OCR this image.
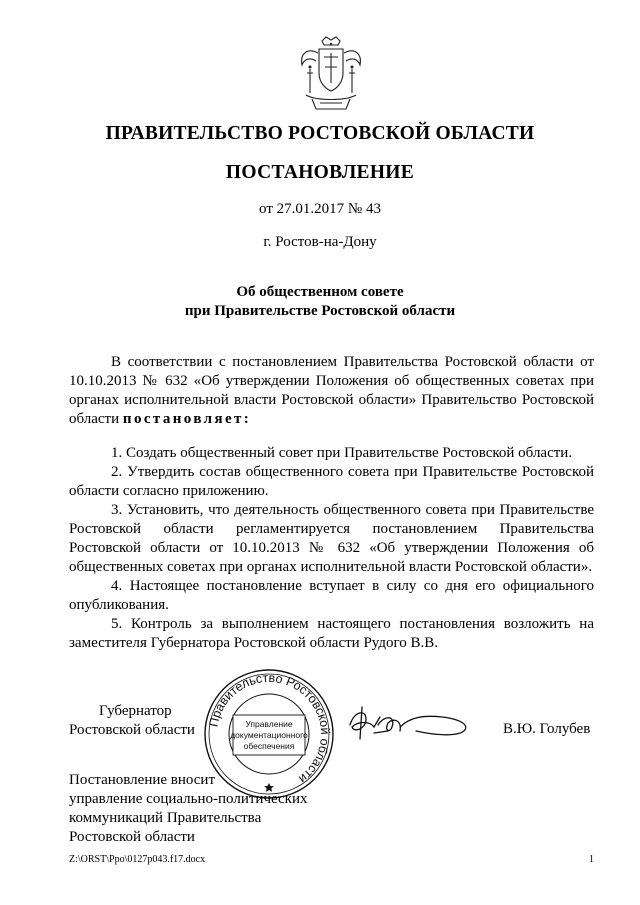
ПРАВИТЕЛЬСТВО РОСТОВСКОЙ ОБЛАСТИ
ПОСТАНОВЛЕНИЕ
от 27.01.2017 № 43
г. Ростов-на-Дону
Об общественном совете
при Правительстве Ростовской области

В соответствии с постановлением Правительства Ростовской области от 10.10.2013 № 632 «Об утверждении Положения об общественных советах при органах исполнительной власти Ростовской области» Правительство Ростовской области постановляет:

1. Создать общественный совет при Правительстве Ростовской области.

2. Утвердить состав общественного совета при Правительстве Ростовской области согласно приложению.

3. Установить, что деятельность общественного совета при Правительстве Ростовской области регламентируется постановлением Правительства Ростовской области от 10.10.2013 № 632 «Об утверждении Положения об общественных советах при органах исполнительной власти Ростовской области».

4. Настоящее постановление вступает в силу со дня его официального опубликования.

5. Контроль за выполнением настоящего постановления возложить на заместителя Губернатора Ростовской области Рудого В.В.

Губернатор
Ростовской области Правительство Ростовской области
Управление
документационного
обеспечения
В.Ю. Голубев
Постановление вносит
управление социально-политических
коммуникаций Правительства
Ростовской области
Z:\ORST\Ppo\0127p043.f17.docx	1
